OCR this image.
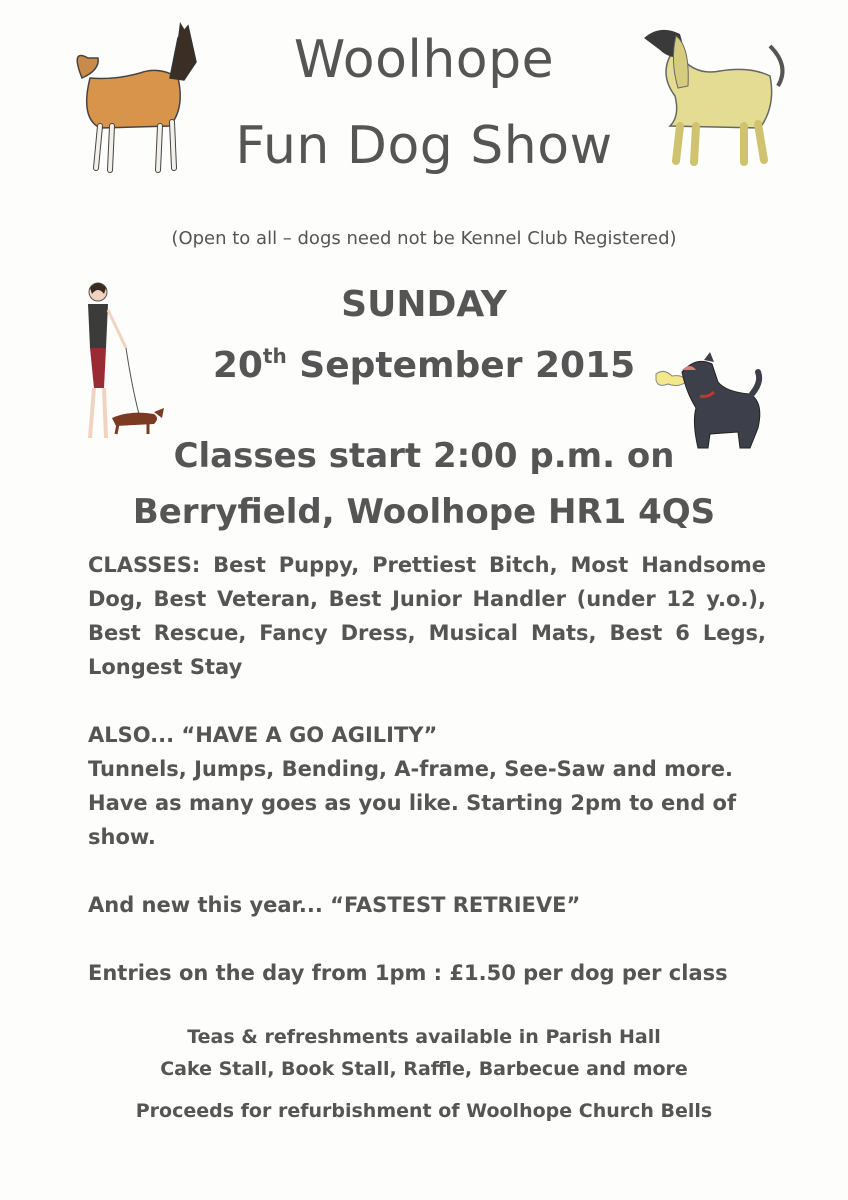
Woolhope
Fun Dog Show
(Open to all – dogs need not be Kennel Club Registered)
SUNDAY
20th September 2015
Classes start 2:00 p.m. on
Berryfield, Woolhope HR1 4QS
CLASSES: Best Puppy, Prettiest Bitch, Most Handsome Dog, Best Veteran, Best Junior Handler (under 12 y.o.), Best Rescue, Fancy Dress, Musical Mats, Best 6 Legs, Longest Stay
ALSO... “HAVE A GO AGILITY”
Tunnels, Jumps, Bending, A-frame, See-Saw and more. Have as many goes as you like. Starting 2pm to end of show.
And new this year... “FASTEST RETRIEVE”
Entries on the day from 1pm : £1.50 per dog per class
Teas & refreshments available in Parish Hall
Cake Stall, Book Stall, Raffle, Barbecue and more
Proceeds for refurbishment of Woolhope Church Bells
